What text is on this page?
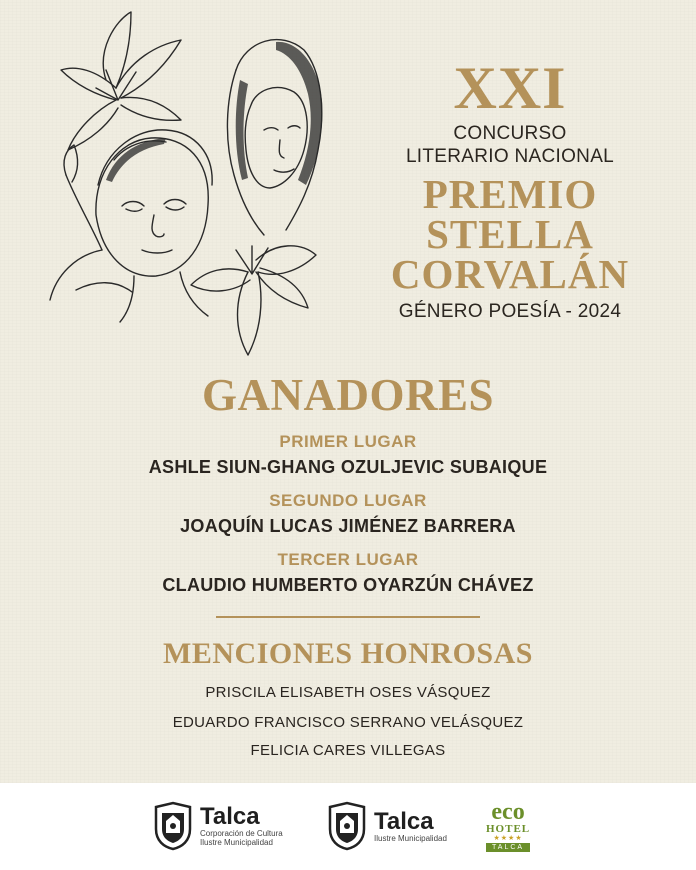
XXI
CONCURSO
LITERARIO NACIONAL
PREMIO
STELLA
CORVALÁN
GÉNERO POESÍA - 2024
GANADORES
PRIMER LUGAR
ASHLE SIUN-GHANG OZULJEVIC SUBAIQUE
SEGUNDO LUGAR
JOAQUÍN LUCAS JIMÉNEZ BARRERA
TERCER LUGAR
CLAUDIO HUMBERTO OYARZÚN CHÁVEZ
MENCIONES HONROSAS
PRISCILA ELISABETH OSES VÁSQUEZ
EDUARDO FRANCISCO SERRANO VELÁSQUEZ
FELICIA CARES VILLEGAS
Talca
Corporación de Cultura
Ilustre Municipalidad
Talca
Ilustre Municipalidad
eco
HOTEL
★★★★
TALCA
